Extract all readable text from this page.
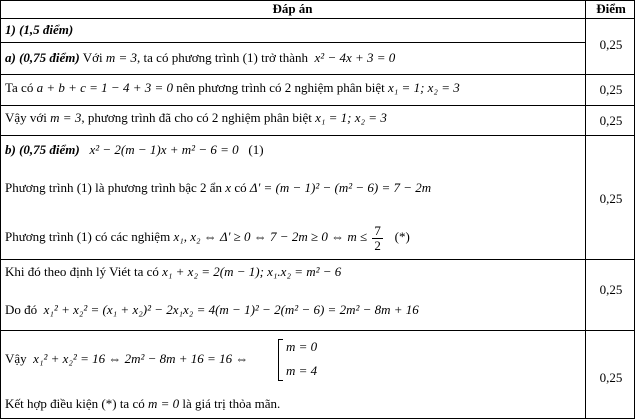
Đáp án	Điểm
1) (1,5 điểm)
a) (0,75 điểm) Với m = 3, ta có phương trình (1) trở thành x² − 4x + 3 = 0
0,25
Ta có a + b + c = 1 − 4 + 3 = 0 nên phương trình có 2 nghiệm phân biệt x₁ = 1; x₂ = 3	0,25
Vậy với m = 3, phương trình đã cho có 2 nghiệm phân biệt x₁ = 1; x₂ = 3	0,25
b) (0,75 điểm) x² − 2(m − 1)x + m² − 6 = 0 (1)
Phương trình (1) là phương trình bậc 2 ẩn x có Δ' = (m − 1)² − (m² − 6) = 7 − 2m
Phương trình (1) có các nghiệm x₁, x₂ ⇔ Δ' ≥ 0 ⇔ 7 − 2m ≥ 0 ⇔ $m \le \frac{7}{2}$ (*)
0,25
Khi đó theo định lý Viét ta có x₁ + x₂ = 2(m − 1); x₁.x₂ = m² − 6
Do đó x₁² + x₂² = (x₁ + x₂)² − 2x₁x₂ = 4(m − 1)² − 2(m² − 6) = 2m² − 8m + 16
0,25
Vậy x₁² + x₂² = 16 ⇔ 2m² − 8m + 16 = 16 ⇔
m = 0
m = 4
Kết hợp điều kiện (*) ta có m = 0 là giá trị thỏa mãn.
0,25
